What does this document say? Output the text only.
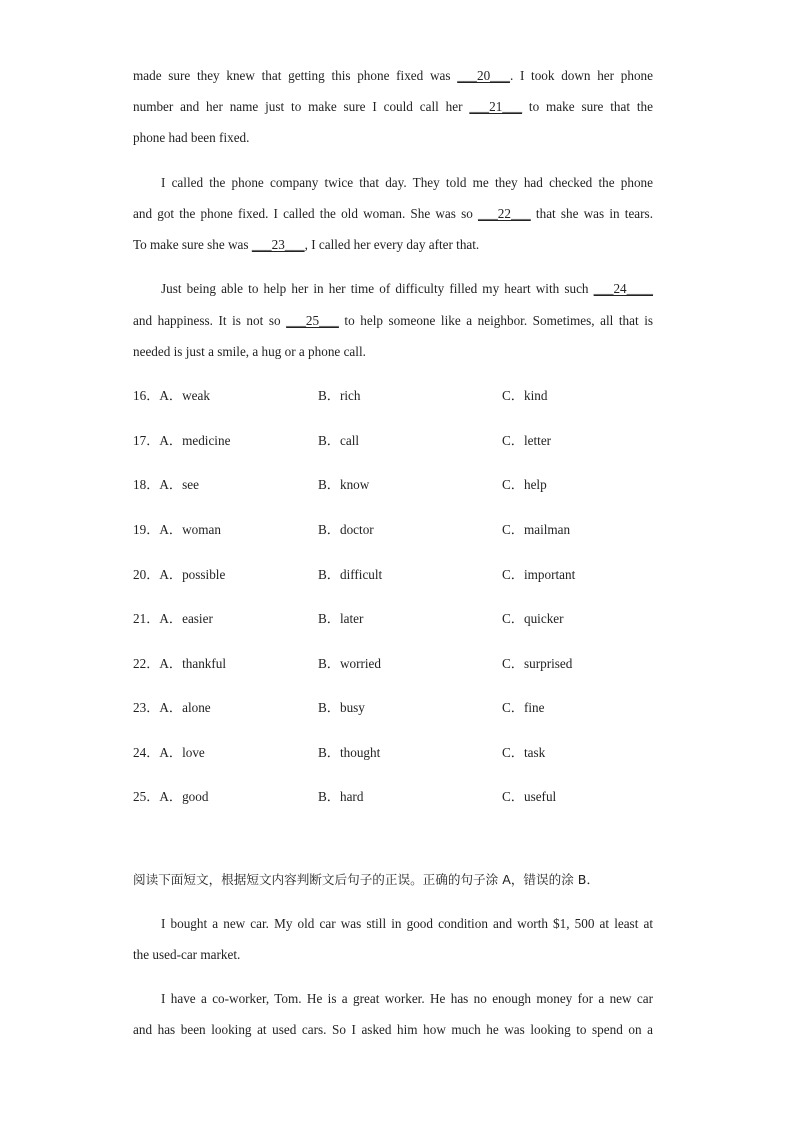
made sure they knew that getting this phone fixed was ___20___. I took down her phone
number and her name just to make sure I could call her ___21___ to make sure that the
phone had been fixed.
I called the phone company twice that day. They told me they had checked the phone
and got the phone fixed. I called the old woman. She was so ___22___ that she was in tears.
To make sure she was ___23___, I called her every day after that.
Just being able to help her in her time of difficulty filled my heart with such ___24____
and happiness. It is not so ___25___ to help someone like a neighbor. Sometimes, all that is
needed is just a smile, a hug or a phone call.
16．A．weak	B．rich	C．kind
17．A．medicine	B．call	C．letter
18．A．see	B．know	C．help
19．A．woman	B．doctor	C．mailman
20．A．possible	B．difficult	C．important
21．A．easier	B．later	C．quicker
22．A．thankful	B．worried	C．surprised
23．A．alone	B．busy	C．fine
24．A．love	B．thought	C．task
25．A．good	B．hard	C．useful
阅读下面短文，根据短文内容判断文后句子的正误。正确的句子涂 A，错误的涂 B．
I bought a new car. My old car was still in good condition and worth $1, 500 at least at
the used-car market.
I have a co-worker, Tom. He is a great worker. He has no enough money for a new car
and has been looking at used cars. So I asked him how much he was looking to spend on a
